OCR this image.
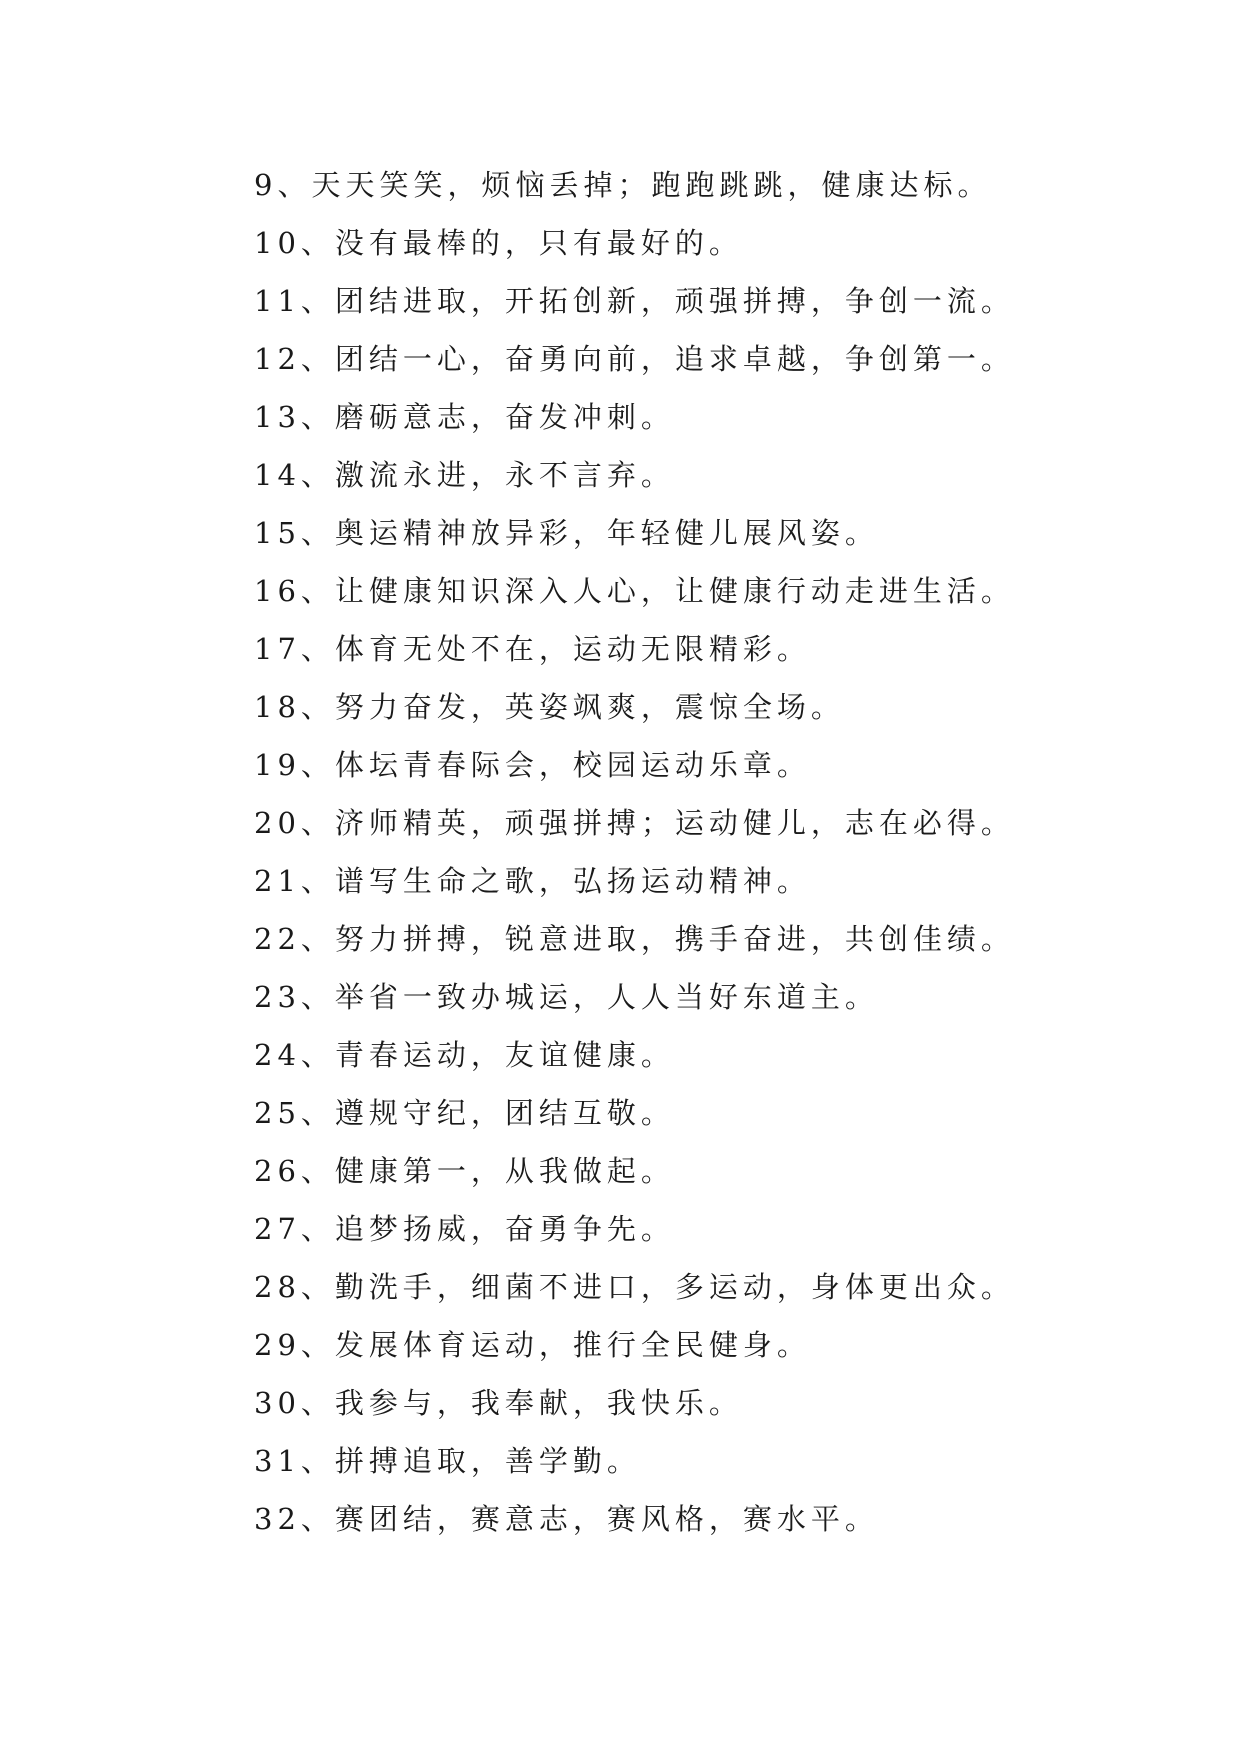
9、天天笑笑，烦恼丢掉；跑跑跳跳，健康达标。
10、没有最棒的，只有最好的。
11、团结进取，开拓创新，顽强拼搏，争创一流。
12、团结一心，奋勇向前，追求卓越，争创第一。
13、磨砺意志，奋发冲刺。
14、激流永进，永不言弃。
15、奥运精神放异彩，年轻健儿展风姿。
16、让健康知识深入人心，让健康行动走进生活。
17、体育无处不在，运动无限精彩。
18、努力奋发，英姿飒爽，震惊全场。
19、体坛青春际会，校园运动乐章。
20、济师精英，顽强拼搏；运动健儿，志在必得。
21、谱写生命之歌，弘扬运动精神。
22、努力拼搏，锐意进取，携手奋进，共创佳绩。
23、举省一致办城运，人人当好东道主。
24、青春运动，友谊健康。
25、遵规守纪，团结互敬。
26、健康第一，从我做起。
27、追梦扬威，奋勇争先。
28、勤洗手，细菌不进口，多运动，身体更出众。
29、发展体育运动，推行全民健身。
30、我参与，我奉献，我快乐。
31、拼搏追取，善学勤。
32、赛团结，赛意志，赛风格，赛水平。
